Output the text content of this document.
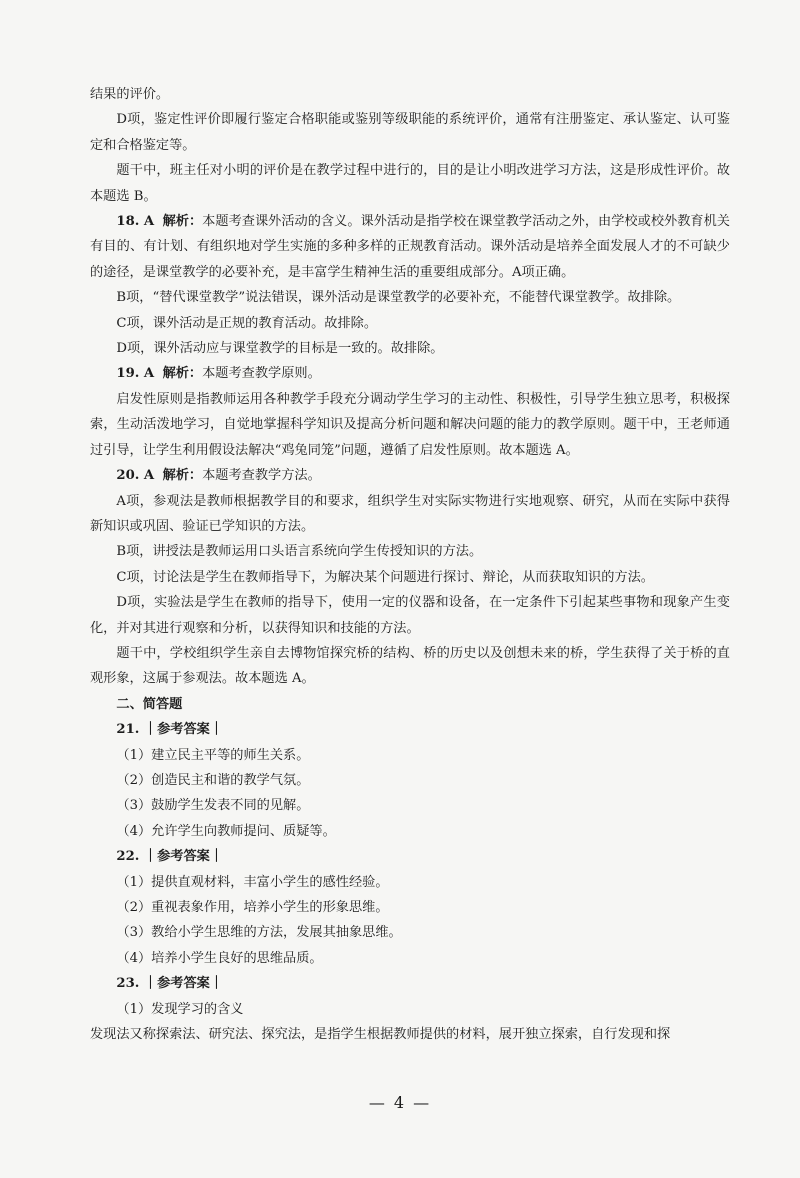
结果的评价。

D项，鉴定性评价即履行鉴定合格职能或鉴别等级职能的系统评价，通常有注册鉴定、承认鉴定、认可鉴定和合格鉴定等。

题干中，班主任对小明的评价是在教学过程中进行的，目的是让小明改进学习方法，这是形成性评价。故本题选 B。

18. A 解析：本题考查课外活动的含义。课外活动是指学校在课堂教学活动之外，由学校或校外教育机关有目的、有计划、有组织地对学生实施的多种多样的正规教育活动。课外活动是培养全面发展人才的不可缺少的途径，是课堂教学的必要补充，是丰富学生精神生活的重要组成部分。A项正确。

B项，“替代课堂教学”说法错误，课外活动是课堂教学的必要补充，不能替代课堂教学。故排除。

C项，课外活动是正规的教育活动。故排除。

D项，课外活动应与课堂教学的目标是一致的。故排除。

19. A 解析：本题考查教学原则。

启发性原则是指教师运用各种教学手段充分调动学生学习的主动性、积极性，引导学生独立思考，积极探索，生动活泼地学习，自觉地掌握科学知识及提高分析问题和解决问题的能力的教学原则。题干中，王老师通过引导，让学生利用假设法解决“鸡兔同笼”问题，遵循了启发性原则。故本题选 A。

20. A 解析：本题考查教学方法。

A项，参观法是教师根据教学目的和要求，组织学生对实际实物进行实地观察、研究，从而在实际中获得新知识或巩固、验证已学知识的方法。

B项，讲授法是教师运用口头语言系统向学生传授知识的方法。

C项，讨论法是学生在教师指导下，为解决某个问题进行探讨、辩论，从而获取知识的方法。

D项，实验法是学生在教师的指导下，使用一定的仪器和设备，在一定条件下引起某些事物和现象产生变化，并对其进行观察和分析，以获得知识和技能的方法。

题干中，学校组织学生亲自去博物馆探究桥的结构、桥的历史以及创想未来的桥，学生获得了关于桥的直观形象，这属于参观法。故本题选 A。

二、简答题

21. ｜参考答案｜

（1）建立民主平等的师生关系。

（2）创造民主和谐的教学气氛。

（3）鼓励学生发表不同的见解。

（4）允许学生向教师提问、质疑等。

22. ｜参考答案｜

（1）提供直观材料，丰富小学生的感性经验。

（2）重视表象作用，培养小学生的形象思维。

（3）教给小学生思维的方法，发展其抽象思维。

（4）培养小学生良好的思维品质。

23. ｜参考答案｜

（1）发现学习的含义

发现法又称探索法、研究法、探究法，是指学生根据教师提供的材料，展开独立探索，自行发现和探

— 4 —
